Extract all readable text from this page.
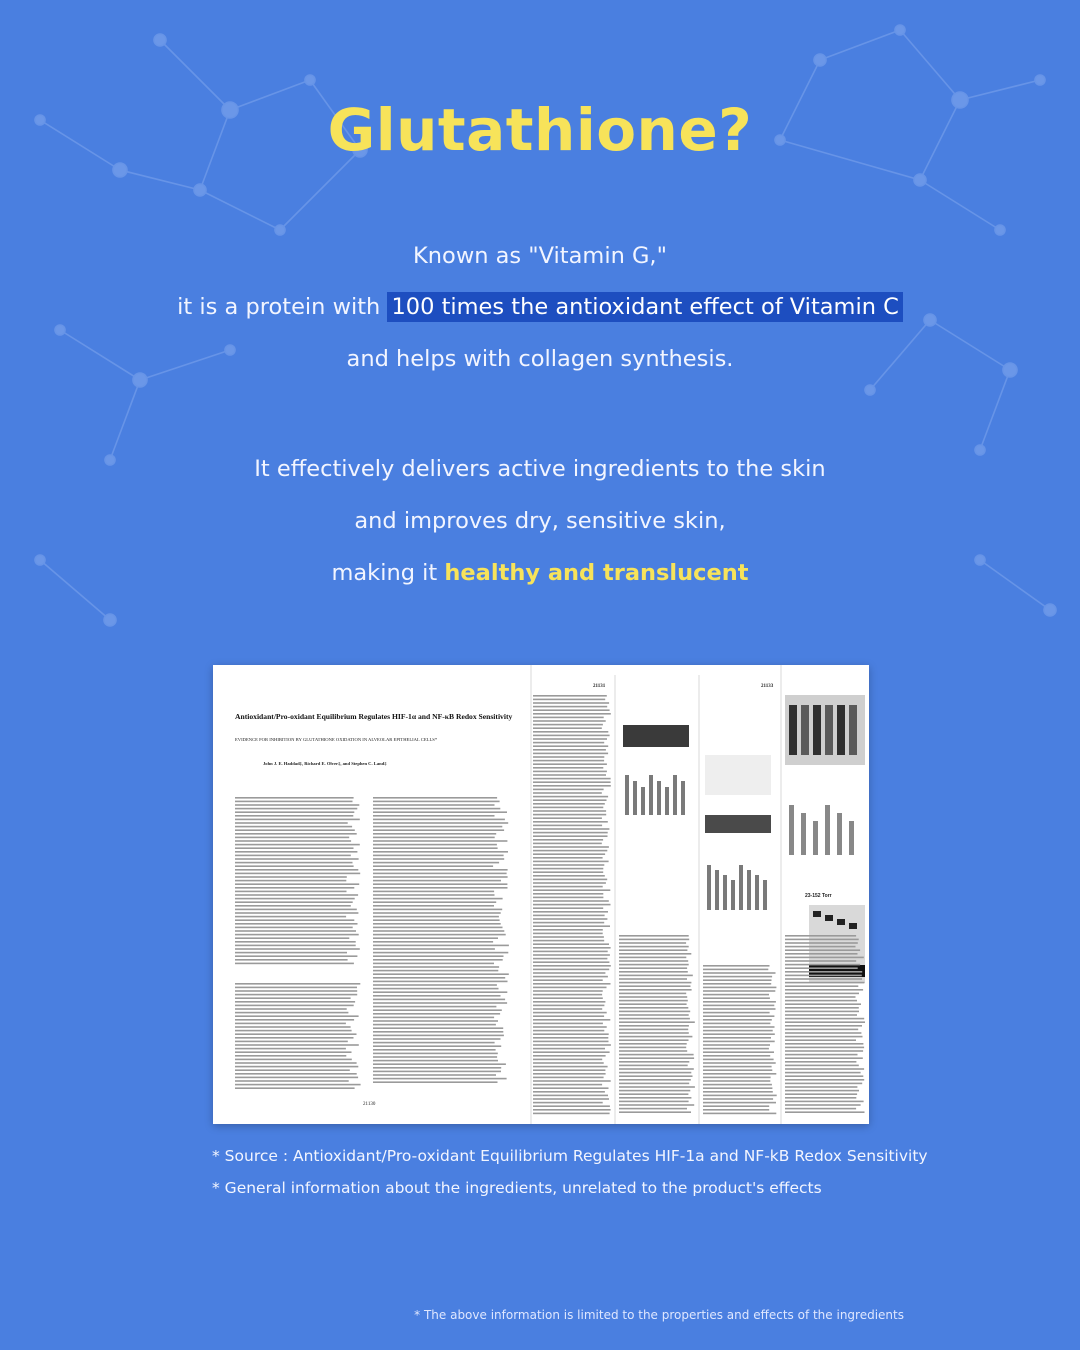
Glutathione?
Known as "Vitamin G,"
it is a protein with 100 times the antioxidant effect of Vitamin C
and helps with collagen synthesis.
It effectively delivers active ingredients to the skin
and improves dry, sensitive skin,
making it healthy and translucent
Antioxidant/Pro-oxidant Equilibrium Regulates HIF-1α and NF-κB Redox Sensitivity
EVIDENCE FOR INHIBITION BY GLUTATHIONE OXIDATION IN ALVEOLAR EPITHELIAL CELLS*
John J. E. Haddad‡, Richard E. Olver‡, and Stephen C. Land‡
21130
21131	21133
23-152 Torr
* Source : Antioxidant/Pro-oxidant Equilibrium Regulates HIF-1a and NF-kB Redox Sensitivity
* General information about the ingredients, unrelated to the product's effects
* The above information is limited to the properties and effects of the ingredients
